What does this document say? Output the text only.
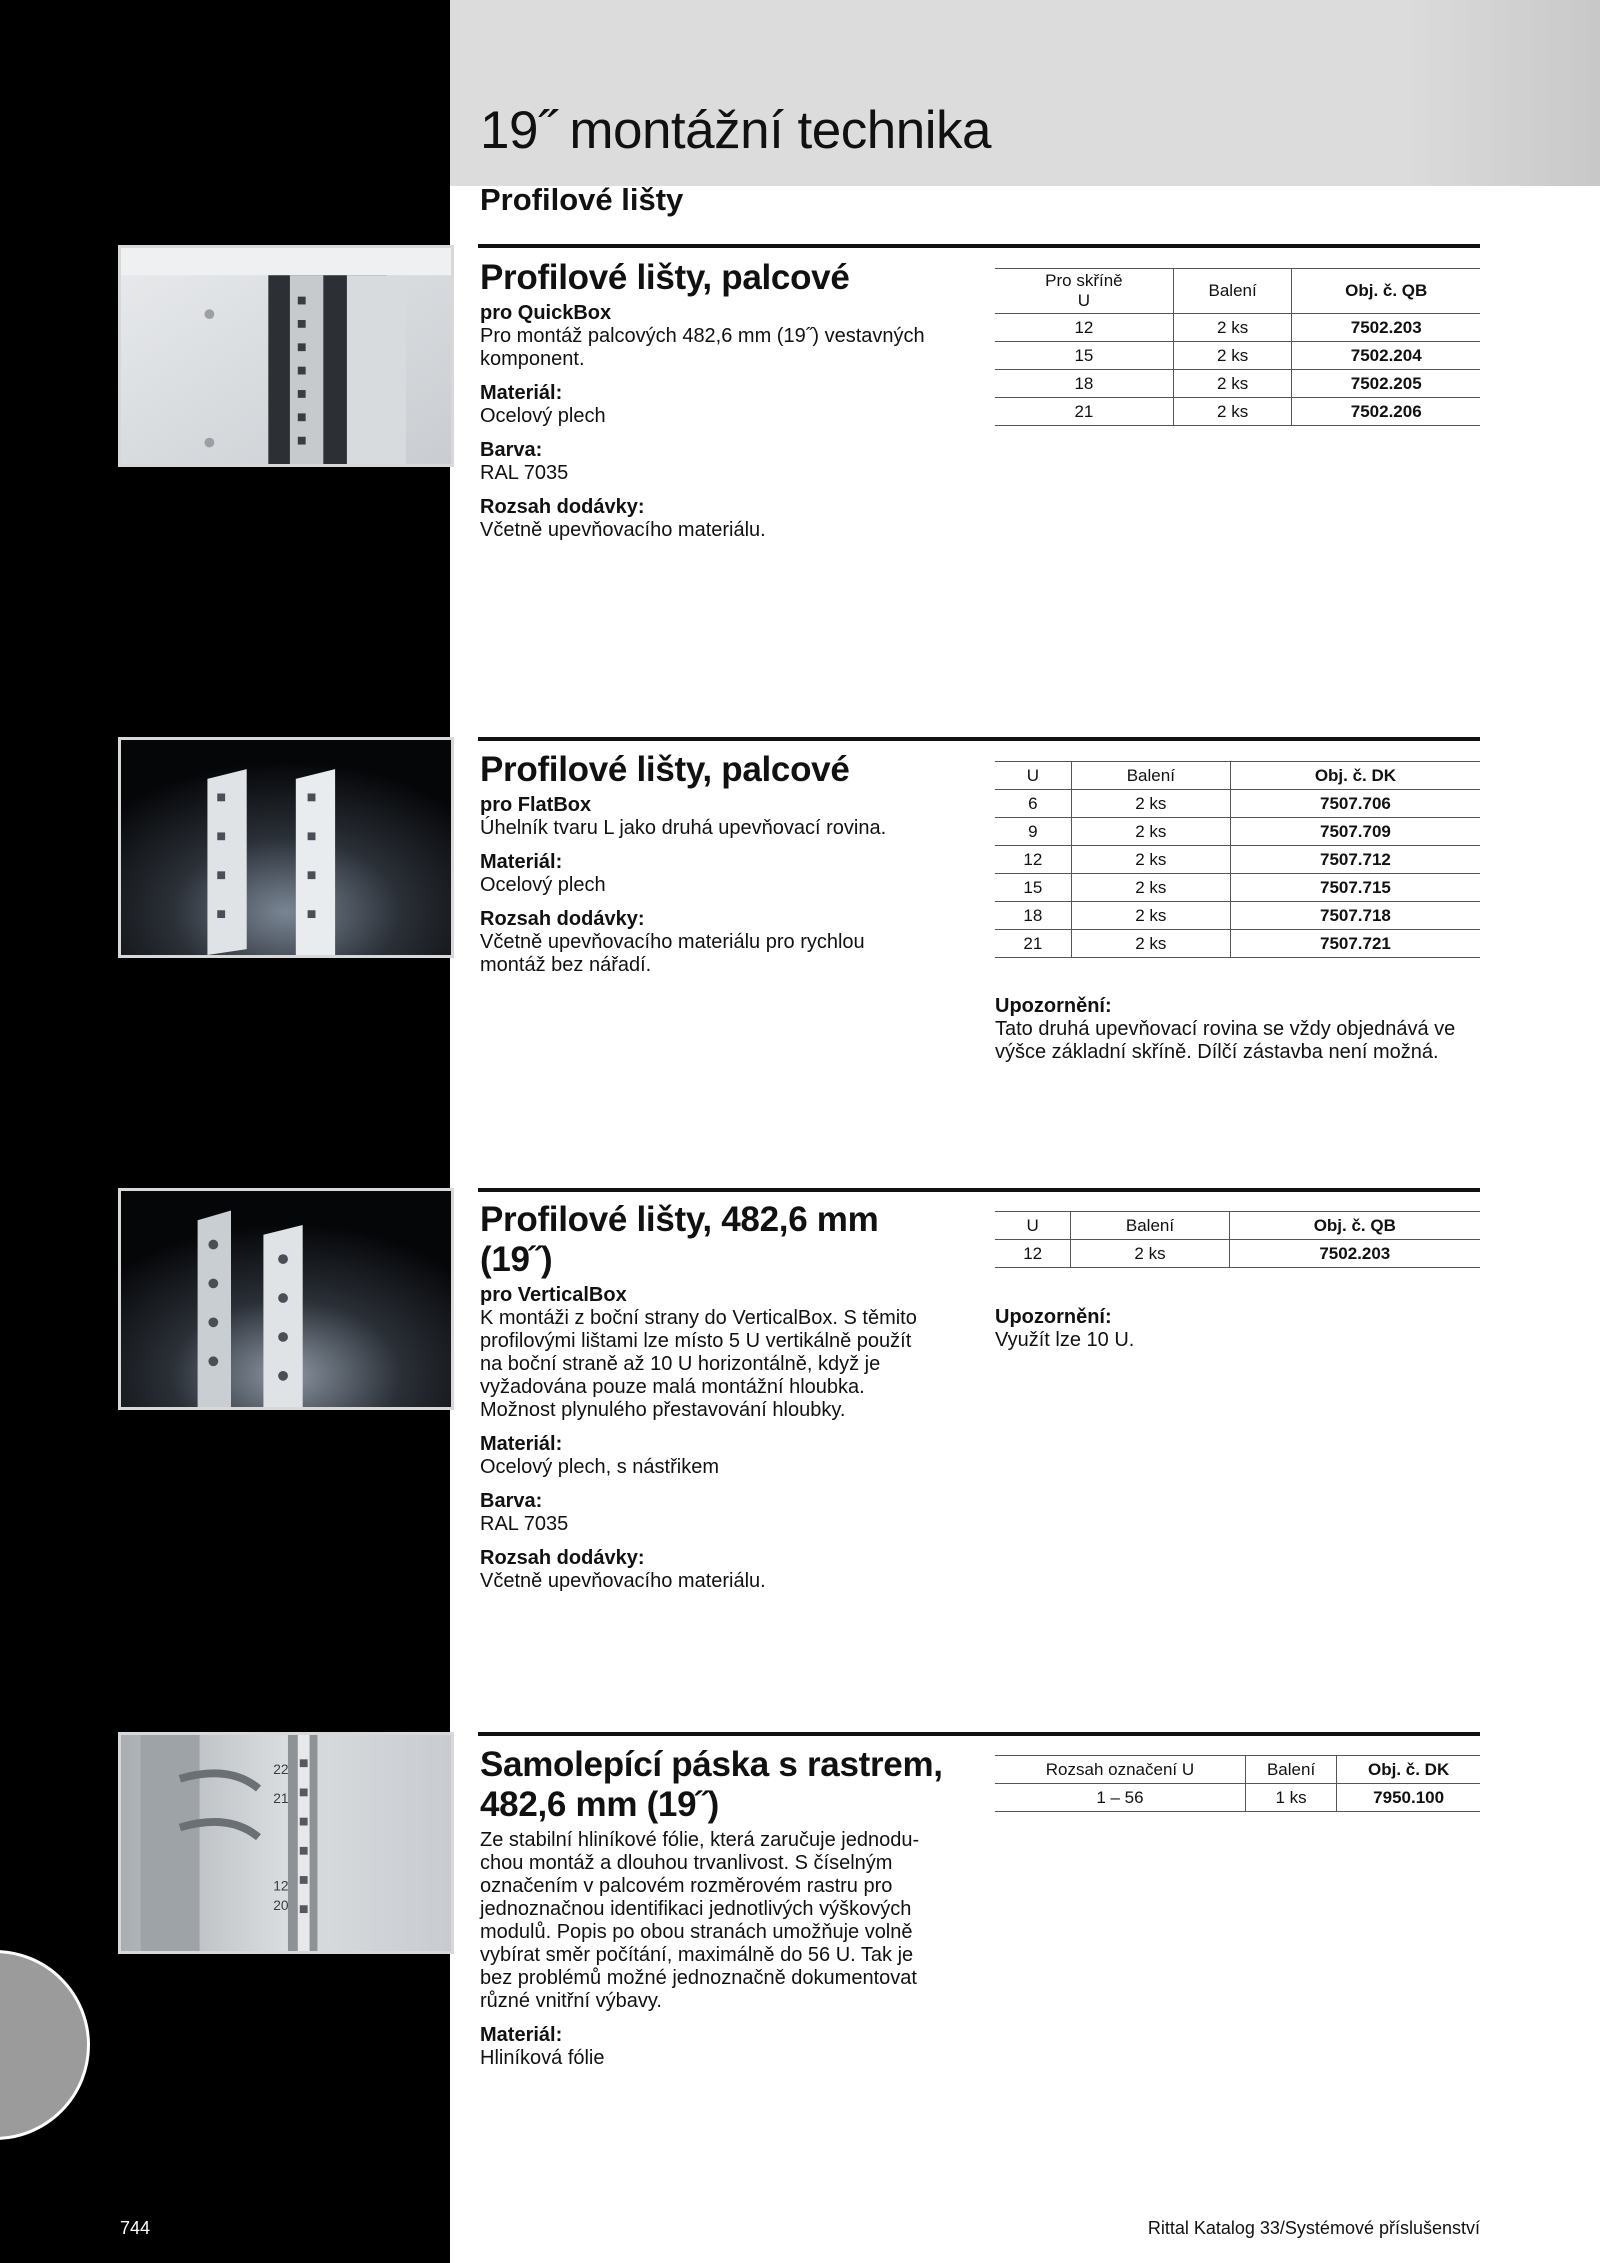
19˝ montážní technika
Profilové lišty
22
21
12
20
Profilové lišty, palcové
pro QuickBox
Pro montáž palcových 482,6 mm (19˝) vestavných
komponent.
Materiál:
Ocelový plech
Barva:
RAL 7035
Rozsah dodávky:
Včetně upevňovacího materiálu.
Profilové lišty, palcové
pro FlatBox
Úhelník tvaru L jako druhá upevňovací rovina.
Materiál:
Ocelový plech
Rozsah dodávky:
Včetně upevňovacího materiálu pro rychlou
montáž bez nářadí.
Profilové lišty, 482,6 mm (19˝)
pro VerticalBox
K montáži z boční strany do VerticalBox. S těmito
profilovými lištami lze místo 5 U vertikálně použít
na boční straně až 10 U horizontálně, když je
vyžadována pouze malá montážní hloubka.
Možnost plynulého přestavování hloubky.
Materiál:
Ocelový plech, s nástřikem
Barva:
RAL 7035
Rozsah dodávky:
Včetně upevňovacího materiálu.
Samolepící páska s rastrem,
482,6 mm (19˝)
Ze stabilní hliníkové fólie, která zaručuje jednodu-
chou montáž a dlouhou trvanlivost. S číselným
označením v palcovém rozměrovém rastru pro
jednoznačnou identifikaci jednotlivých výškových
modulů. Popis po obou stranách umožňuje volně
vybírat směr počítání, maximálně do 56 U. Tak je
bez problémů možné jednoznačně dokumentovat
různé vnitřní výbavy.
Materiál:
Hliníková fólie
Pro skříně
U	Balení	Obj. č. QB
12	2 ks	7502.203
15	2 ks	7502.204
18	2 ks	7502.205
21	2 ks	7502.206
U	Balení	Obj. č. DK
6	2 ks	7507.706
9	2 ks	7507.709
12	2 ks	7507.712
15	2 ks	7507.715
18	2 ks	7507.718
21	2 ks	7507.721
U	Balení	Obj. č. QB
12	2 ks	7502.203
Rozsah označení U	Balení	Obj. č. DK
1 – 56	1 ks	7950.100
Upozornění:
Tato druhá upevňovací rovina se vždy objednává ve
výšce základní skříně. Dílčí zástavba není možná.
Upozornění:
Využít lze 10 U.
744	Rittal Katalog 33/Systémové příslušenství
